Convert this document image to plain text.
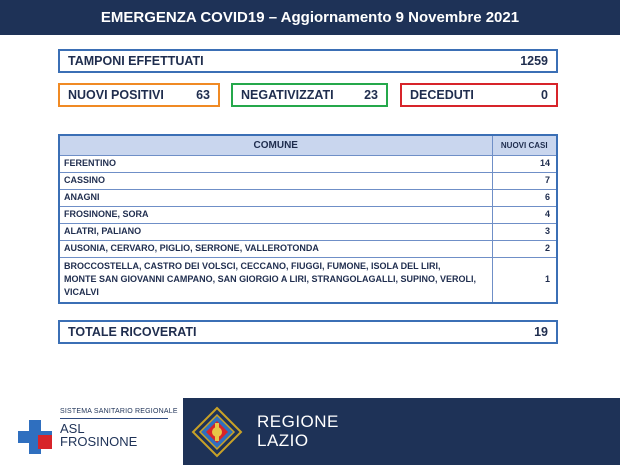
EMERGENZA COVID19 – Aggiornamento 9 Novembre 2021
TAMPONI EFFETTUATI	1259
NUOVI POSITIVI	63 NEGATIVIZZATI 23	DECEDUTI	0
COMUNE	NUOVI CASI
FERENTINO	14
CASSINO	7
ANAGNI	6
FROSINONE, SORA	4
ALATRI, PALIANO	3
AUSONIA, CERVARO, PIGLIO, SERRONE, VALLEROTONDA	2

BROCCOSTELLA, CASTRO DEI VOLSCI, CECCANO, FIUGGI, FUMONE, ISOLA DEL LIRI,
MONTE SAN GIOVANNI CAMPANO, SAN GIORGIO A LIRI, STRANGOLAGALLI, SUPINO, VEROLI,
VICALVI	1
TOTALE RICOVERATI	19
SISTEMA SANITARIO REGIONALE
ASL
FROSINONE
REGIONE
LAZIO
